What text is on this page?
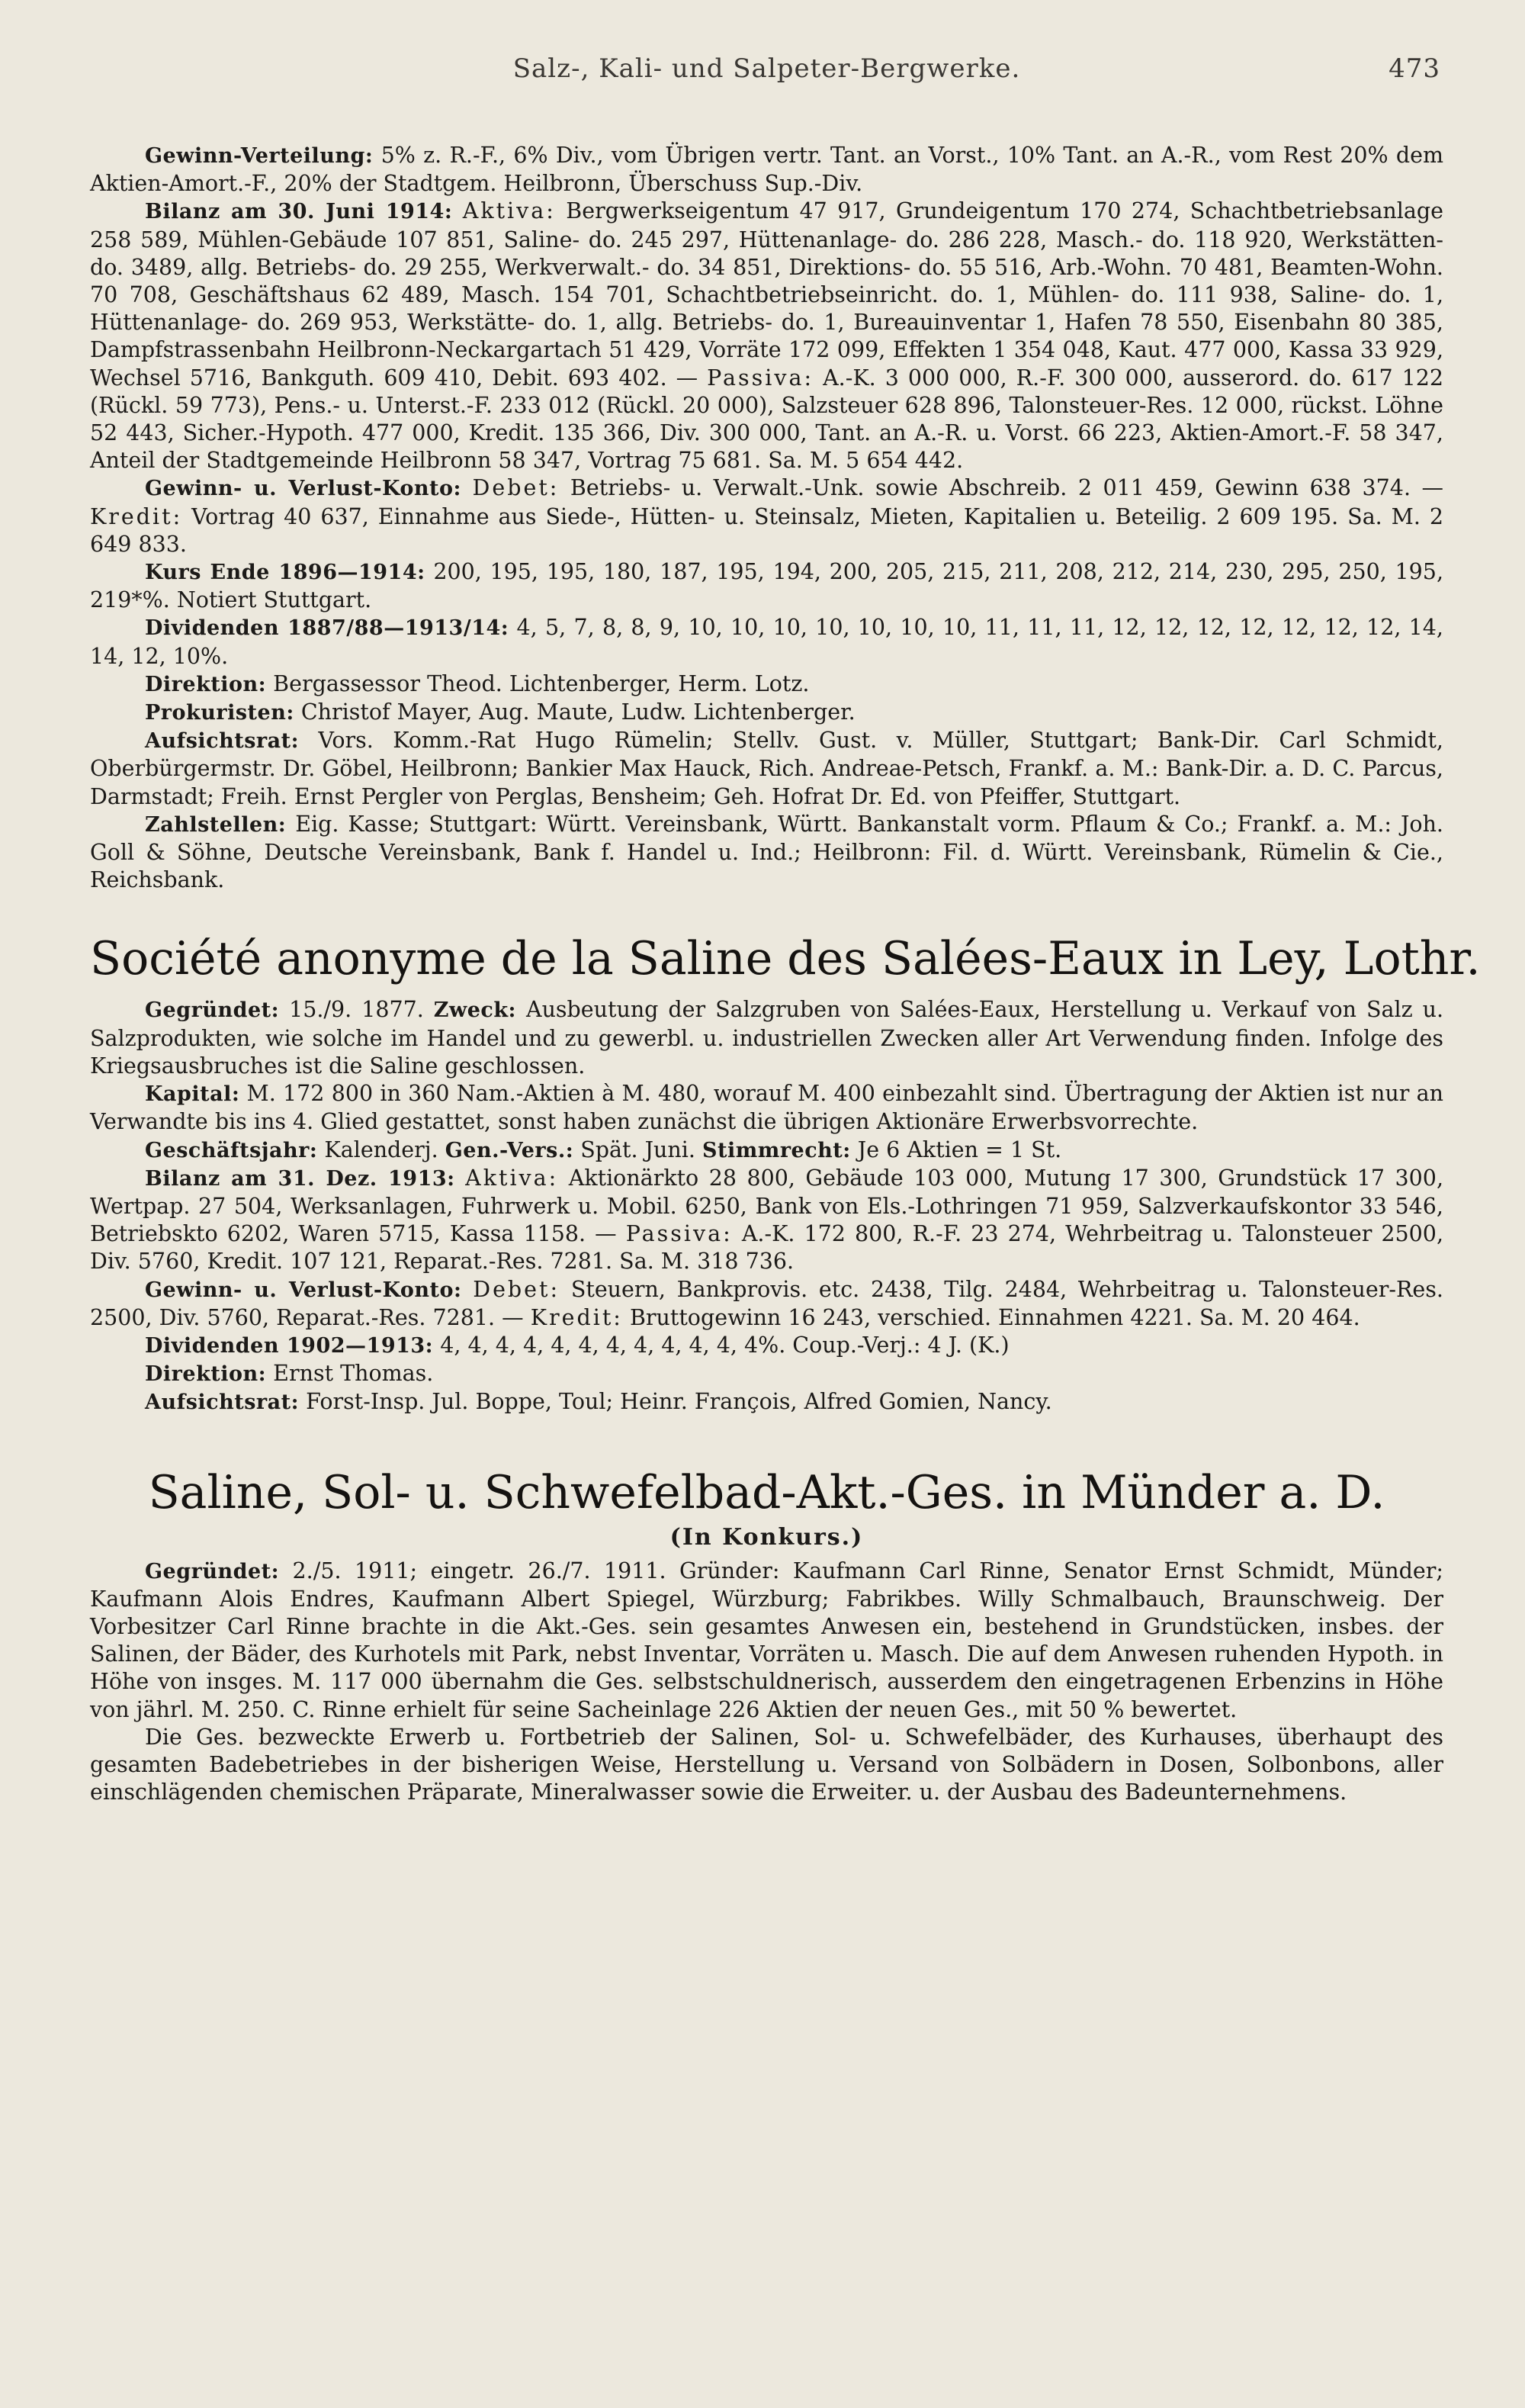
Salz-, Kali- und Salpeter-Bergwerke.	473

Gewinn-Verteilung: 5% z. R.-F., 6% Div., vom Übrigen vertr. Tant. an Vorst., 10% Tant. an A.-R., vom Rest 20% dem Aktien-Amort.-F., 20% der Stadtgem. Heilbronn, Überschuss Sup.-Div.

Bilanz am 30. Juni 1914: Aktiva: Bergwerkseigentum 47 917, Grundeigentum 170 274, Schachtbetriebsanlage 258 589, Mühlen-Gebäude 107 851, Saline- do. 245 297, Hüttenanlage- do. 286 228, Masch.- do. 118 920, Werkstätten- do. 3489, allg. Betriebs- do. 29 255, Werkverwalt.- do. 34 851, Direktions- do. 55 516, Arb.-Wohn. 70 481, Beamten-Wohn. 70 708, Geschäftshaus 62 489, Masch. 154 701, Schachtbetriebseinricht. do. 1, Mühlen- do. 111 938, Saline- do. 1, Hüttenanlage- do. 269 953, Werkstätte- do. 1, allg. Betriebs- do. 1, Bureauinventar 1, Hafen 78 550, Eisenbahn 80 385, Dampfstrassenbahn Heilbronn-Neckargartach 51 429, Vorräte 172 099, Effekten 1 354 048, Kaut. 477 000, Kassa 33 929, Wechsel 5716, Bankguth. 609 410, Debit. 693 402. — Passiva: A.-K. 3 000 000, R.-F. 300 000, ausserord. do. 617 122 (Rückl. 59 773), Pens.- u. Unterst.-F. 233 012 (Rückl. 20 000), Salzsteuer 628 896, Talonsteuer-Res. 12 000, rückst. Löhne 52 443, Sicher.-Hypoth. 477 000, Kredit. 135 366, Div. 300 000, Tant. an A.-R. u. Vorst. 66 223, Aktien-Amort.-F. 58 347, Anteil der Stadtgemeinde Heilbronn 58 347, Vortrag 75 681. Sa. M. 5 654 442.

Gewinn- u. Verlust-Konto: Debet: Betriebs- u. Verwalt.-Unk. sowie Abschreib. 2 011 459, Gewinn 638 374. — Kredit: Vortrag 40 637, Einnahme aus Siede-, Hütten- u. Steinsalz, Mieten, Kapitalien u. Beteilig. 2 609 195. Sa. M. 2 649 833.

Kurs Ende 1896—1914: 200, 195, 195, 180, 187, 195, 194, 200, 205, 215, 211, 208, 212, 214, 230, 295, 250, 195, 219*%. Notiert Stuttgart.

Dividenden 1887/88—1913/14: 4, 5, 7, 8, 8, 9, 10, 10, 10, 10, 10, 10, 10, 11, 11, 11, 12, 12, 12, 12, 12, 12, 12, 14, 14, 12, 10%.

Direktion: Bergassessor Theod. Lichtenberger, Herm. Lotz.

Prokuristen: Christof Mayer, Aug. Maute, Ludw. Lichtenberger.

Aufsichtsrat: Vors. Komm.-Rat Hugo Rümelin; Stellv. Gust. v. Müller, Stuttgart; Bank-Dir. Carl Schmidt, Oberbürgermstr. Dr. Göbel, Heilbronn; Bankier Max Hauck, Rich. Andreae-Petsch, Frankf. a. M.: Bank-Dir. a. D. C. Parcus, Darmstadt; Freih. Ernst Pergler von Perglas, Bensheim; Geh. Hofrat Dr. Ed. von Pfeiffer, Stuttgart.

Zahlstellen: Eig. Kasse; Stuttgart: Württ. Vereinsbank, Württ. Bankanstalt vorm. Pflaum & Co.; Frankf. a. M.: Joh. Goll & Söhne, Deutsche Vereinsbank, Bank f. Handel u. Ind.; Heilbronn: Fil. d. Württ. Vereinsbank, Rümelin & Cie., Reichsbank.

Société anonyme de la Saline des Salées-Eaux in Ley, Lothr.

Gegründet: 15./9. 1877. Zweck: Ausbeutung der Salzgruben von Salées-Eaux, Herstellung u. Verkauf von Salz u. Salzprodukten, wie solche im Handel und zu gewerbl. u. industriellen Zwecken aller Art Verwendung finden. Infolge des Kriegsausbruches ist die Saline geschlossen.

Kapital: M. 172 800 in 360 Nam.-Aktien à M. 480, worauf M. 400 einbezahlt sind. Übertragung der Aktien ist nur an Verwandte bis ins 4. Glied gestattet, sonst haben zunächst die übrigen Aktionäre Erwerbsvorrechte.

Geschäftsjahr: Kalenderj. Gen.-Vers.: Spät. Juni. Stimmrecht: Je 6 Aktien = 1 St.

Bilanz am 31. Dez. 1913: Aktiva: Aktionärkto 28 800, Gebäude 103 000, Mutung 17 300, Grundstück 17 300, Wertpap. 27 504, Werksanlagen, Fuhrwerk u. Mobil. 6250, Bank von Els.-Lothringen 71 959, Salzverkaufskontor 33 546, Betriebskto 6202, Waren 5715, Kassa 1158. — Passiva: A.-K. 172 800, R.-F. 23 274, Wehrbeitrag u. Talonsteuer 2500, Div. 5760, Kredit. 107 121, Reparat.-Res. 7281. Sa. M. 318 736.

Gewinn- u. Verlust-Konto: Debet: Steuern, Bankprovis. etc. 2438, Tilg. 2484, Wehrbeitrag u. Talonsteuer-Res. 2500, Div. 5760, Reparat.-Res. 7281. — Kredit: Bruttogewinn 16 243, verschied. Einnahmen 4221. Sa. M. 20 464.

Dividenden 1902—1913: 4, 4, 4, 4, 4, 4, 4, 4, 4, 4, 4, 4%. Coup.-Verj.: 4 J. (K.)

Direktion: Ernst Thomas.

Aufsichtsrat: Forst-Insp. Jul. Boppe, Toul; Heinr. François, Alfred Gomien, Nancy.

Saline, Sol- u. Schwefelbad-Akt.-Ges. in Münder a. D.
(In Konkurs.)

Gegründet: 2./5. 1911; eingetr. 26./7. 1911. Gründer: Kaufmann Carl Rinne, Senator Ernst Schmidt, Münder; Kaufmann Alois Endres, Kaufmann Albert Spiegel, Würzburg; Fabrikbes. Willy Schmalbauch, Braunschweig. Der Vorbesitzer Carl Rinne brachte in die Akt.-Ges. sein gesamtes Anwesen ein, bestehend in Grundstücken, insbes. der Salinen, der Bäder, des Kurhotels mit Park, nebst Inventar, Vorräten u. Masch. Die auf dem Anwesen ruhenden Hypoth. in Höhe von insges. M. 117 000 übernahm die Ges. selbstschuldnerisch, ausserdem den eingetragenen Erbenzins in Höhe von jährl. M. 250. C. Rinne erhielt für seine Sacheinlage 226 Aktien der neuen Ges., mit 50 % bewertet.

Die Ges. bezweckte Erwerb u. Fortbetrieb der Salinen, Sol- u. Schwefelbäder, des Kurhauses, überhaupt des gesamten Badebetriebes in der bisherigen Weise, Herstellung u. Versand von Solbädern in Dosen, Solbonbons, aller einschlägenden chemischen Präparate, Mineralwasser sowie die Erweiter. u. der Ausbau des Badeunternehmens.
